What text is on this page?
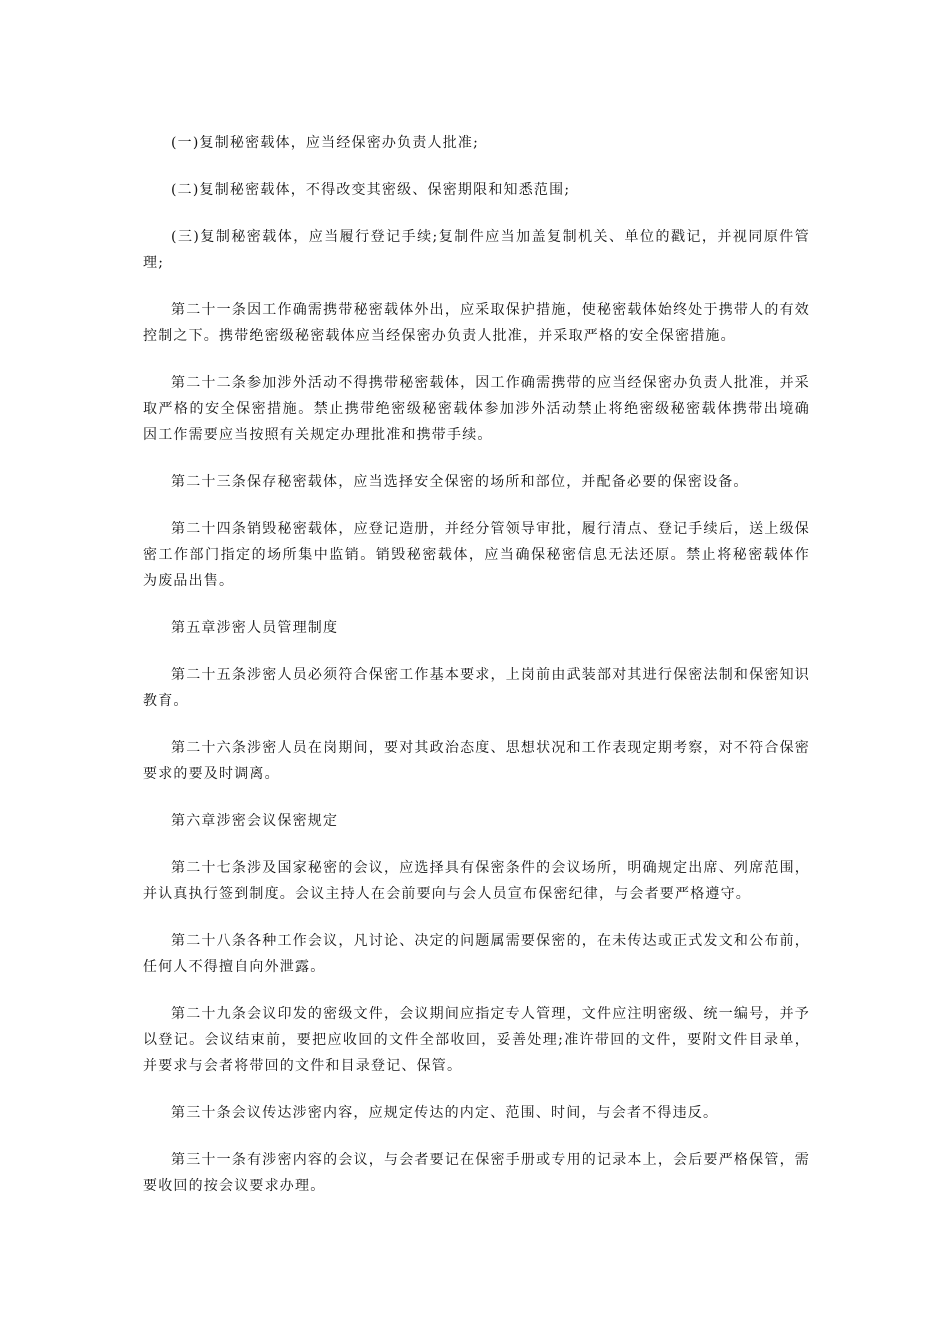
(一)复制秘密载体，应当经保密办负责人批准;

(二)复制秘密载体，不得改变其密级、保密期限和知悉范围;

(三)复制秘密载体，应当履行登记手续;复制件应当加盖复制机关、单位的戳记，并视同原件管理;

第二十一条因工作确需携带秘密载体外出，应采取保护措施，使秘密载体始终处于携带人的有效控制之下。携带绝密级秘密载体应当经保密办负责人批准，并采取严格的安全保密措施。

第二十二条参加涉外活动不得携带秘密载体，因工作确需携带的应当经保密办负责人批准，并采取严格的安全保密措施。禁止携带绝密级秘密载体参加涉外活动禁止将绝密级秘密载体携带出境确因工作需要应当按照有关规定办理批准和携带手续。

第二十三条保存秘密载体，应当选择安全保密的场所和部位，并配备必要的保密设备。

第二十四条销毁秘密载体，应登记造册，并经分管领导审批，履行清点、登记手续后，送上级保密工作部门指定的场所集中监销。销毁秘密载体，应当确保秘密信息无法还原。禁止将秘密载体作为废品出售。

第五章涉密人员管理制度

第二十五条涉密人员必须符合保密工作基本要求，上岗前由武装部对其进行保密法制和保密知识教育。

第二十六条涉密人员在岗期间，要对其政治态度、思想状况和工作表现定期考察，对不符合保密要求的要及时调离。

第六章涉密会议保密规定

第二十七条涉及国家秘密的会议，应选择具有保密条件的会议场所，明确规定出席、列席范围，并认真执行签到制度。会议主持人在会前要向与会人员宣布保密纪律，与会者要严格遵守。

第二十八条各种工作会议，凡讨论、决定的问题属需要保密的，在未传达或正式发文和公布前，任何人不得擅自向外泄露。

第二十九条会议印发的密级文件，会议期间应指定专人管理，文件应注明密级、统一编号，并予以登记。会议结束前，要把应收回的文件全部收回，妥善处理;准许带回的文件，要附文件目录单，并要求与会者将带回的文件和目录登记、保管。

第三十条会议传达涉密内容，应规定传达的内定、范围、时间，与会者不得违反。

第三十一条有涉密内容的会议，与会者要记在保密手册或专用的记录本上，会后要严格保管，需要收回的按会议要求办理。
